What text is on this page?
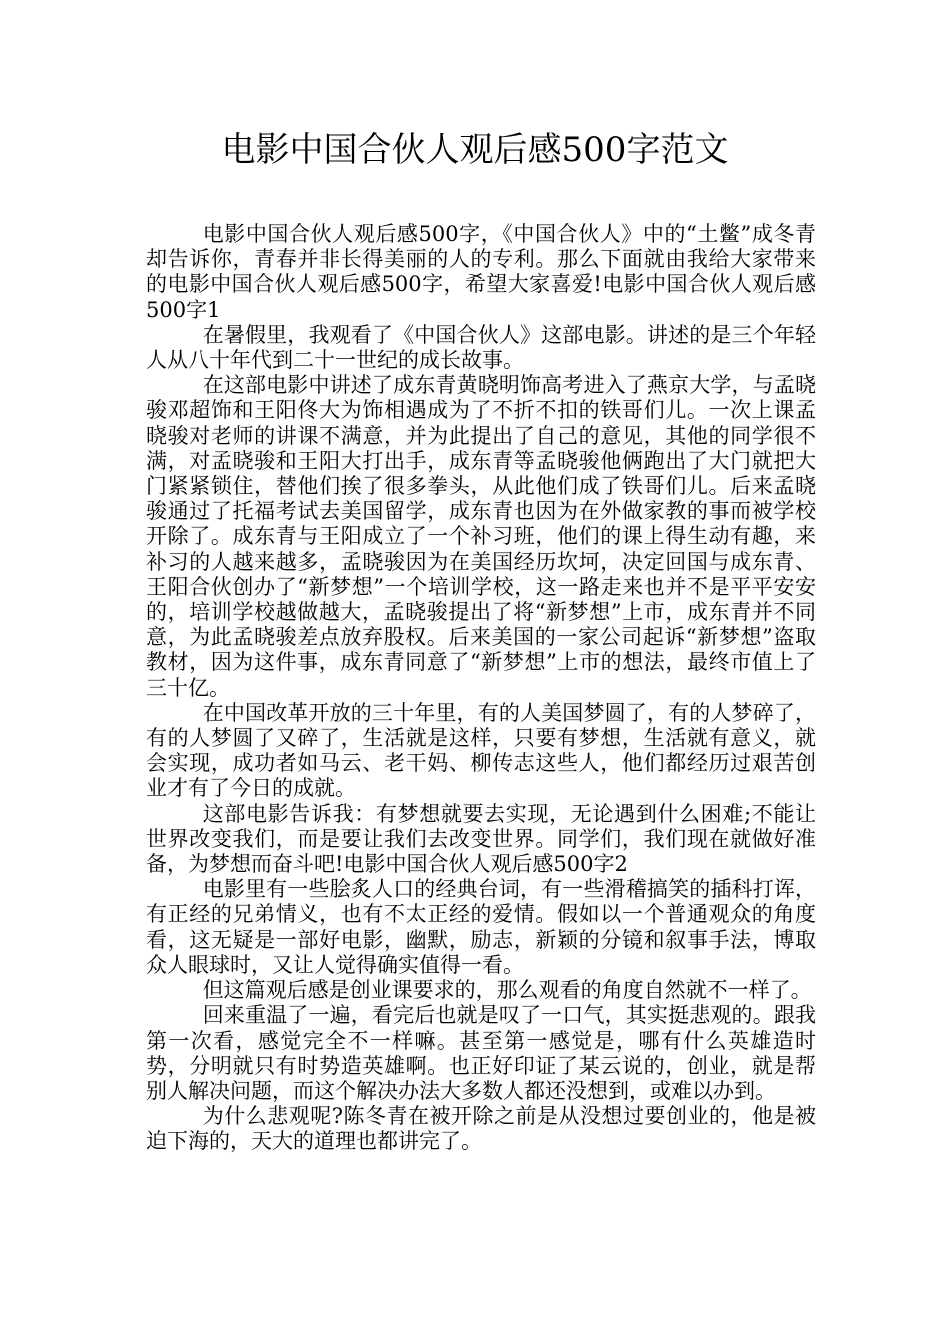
电影中国合伙人观后感500字范文

电影中国合伙人观后感500字，《中国合伙人》中的“土鳖”成冬青却告诉你，青春并非长得美丽的人的专利。那么下面就由我给大家带来的电影中国合伙人观后感500字，希望大家喜爱!电影中国合伙人观后感500字1

在暑假里，我观看了《中国合伙人》这部电影。讲述的是三个年轻人从八十年代到二十一世纪的成长故事。

在这部电影中讲述了成东青黄晓明饰高考进入了燕京大学，与孟晓骏邓超饰和王阳佟大为饰相遇成为了不折不扣的铁哥们儿。一次上课孟晓骏对老师的讲课不满意，并为此提出了自己的意见，其他的同学很不满，对孟晓骏和王阳大打出手，成东青等孟晓骏他俩跑出了大门就把大门紧紧锁住，替他们挨了很多拳头，从此他们成了铁哥们儿。后来孟晓骏通过了托福考试去美国留学，成东青也因为在外做家教的事而被学校开除了。成东青与王阳成立了一个补习班，他们的课上得生动有趣，来补习的人越来越多，孟晓骏因为在美国经历坎坷，决定回国与成东青、王阳合伙创办了“新梦想”一个培训学校，这一路走来也并不是平平安安的，培训学校越做越大，孟晓骏提出了将“新梦想”上市，成东青并不同意，为此孟晓骏差点放弃股权。后来美国的一家公司起诉“新梦想”盗取教材，因为这件事，成东青同意了“新梦想”上市的想法，最终市值上了三十亿。

在中国改革开放的三十年里，有的人美国梦圆了，有的人梦碎了，有的人梦圆了又碎了，生活就是这样，只要有梦想，生活就有意义，就会实现，成功者如马云、老干妈、柳传志这些人，他们都经历过艰苦创业才有了今日的成就。

这部电影告诉我：有梦想就要去实现，无论遇到什么困难;不能让世界改变我们，而是要让我们去改变世界。同学们，我们现在就做好准备，为梦想而奋斗吧!电影中国合伙人观后感500字2

电影里有一些脍炙人口的经典台词，有一些滑稽搞笑的插科打诨，有正经的兄弟情义，也有不太正经的爱情。假如以一个普通观众的角度看，这无疑是一部好电影，幽默，励志，新颖的分镜和叙事手法，博取众人眼球时，又让人觉得确实值得一看。

但这篇观后感是创业课要求的，那么观看的角度自然就不一样了。

回来重温了一遍，看完后也就是叹了一口气，其实挺悲观的。跟我第一次看，感觉完全不一样嘛。甚至第一感觉是，哪有什么英雄造时势，分明就只有时势造英雄啊。也正好印证了某云说的，创业，就是帮别人解决问题，而这个解决办法大多数人都还没想到，或难以办到。

为什么悲观呢?陈冬青在被开除之前是从没想过要创业的，他是被迫下海的，天大的道理也都讲完了。
